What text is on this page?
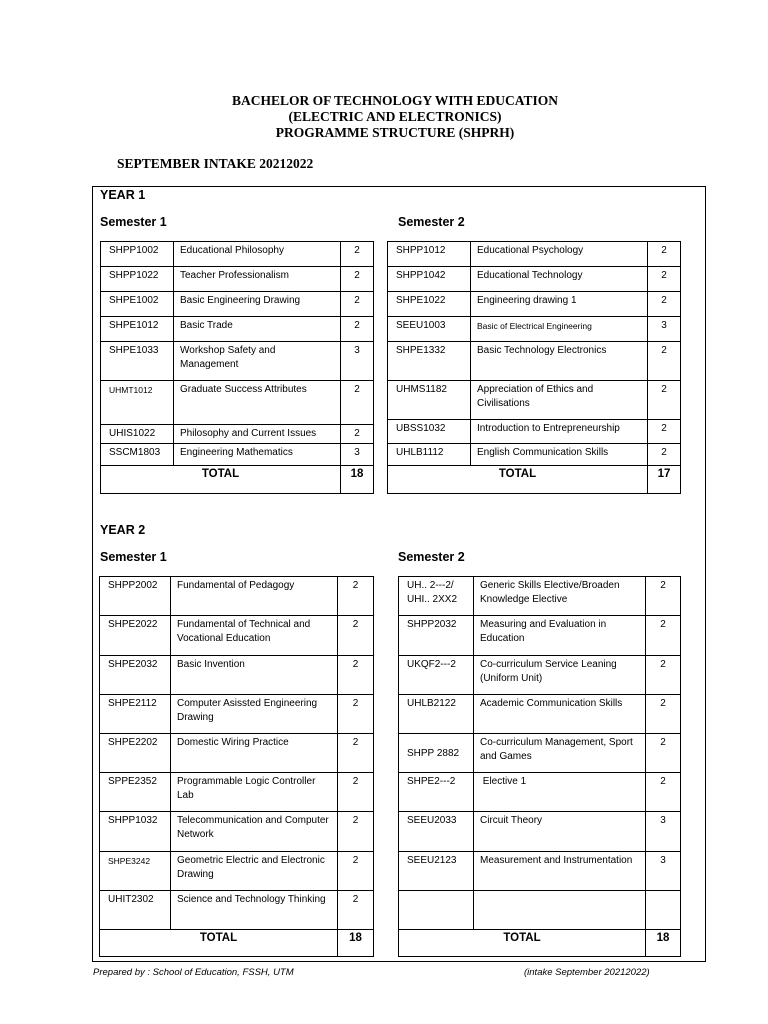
BACHELOR OF TECHNOLOGY WITH EDUCATION
(ELECTRIC AND ELECTRONICS)
PROGRAMME STRUCTURE (SHPRH)
SEPTEMBER INTAKE 20212022
YEAR 1
Semester 1	Semester 2
SHPP1002	Educational Philosophy	2
SHPP1022	Teacher Professionalism	2
SHPE1002	Basic Engineering Drawing	2
SHPE1012	Basic Trade	2
SHPE1033	Workshop Safety and Management	3
UHMT1012	Graduate Success Attributes	2
UHIS1022	Philosophy and Current Issues	2
SSCM1803	Engineering Mathematics	3
TOTAL		18
SHPP1012	Educational Psychology	2
SHPP1042	Educational Technology	2
SHPE1022	Engineering drawing 1	2
SEEU1003	Basic of Electrical Engineering	3
SHPE1332	Basic Technology Electronics	2
UHMS1182	Appreciation of Ethics and Civilisations	2
UBSS1032	Introduction to Entrepreneurship	2
UHLB1112	English Communication Skills	2
TOTAL		17
YEAR 2
Semester 1	Semester 2
SHPP2002	Fundamental of Pedagogy	2
SHPE2022	Fundamental of Technical and Vocational Education	2
SHPE2032	Basic Invention	2
SHPE2112	Computer Asissted Engineering Drawing	2
SHPE2202	Domestic Wiring Practice	2
SPPE2352	Programmable Logic Controller Lab	2
SHPP1032	Telecommunication and Computer Network	2
SHPE3242	Geometric Electric and Electronic Drawing	2
UHIT2302	Science and Technology Thinking	2
TOTAL		18
UH.. 2---2/ UHI.. 2XX2	Generic Skills Elective/Broaden Knowledge Elective	2
SHPP2032	Measuring and Evaluation in Education	2
UKQF2---2	Co-curriculum Service Leaning (Uniform Unit)	2
UHLB2122	Academic Communication Skills	2
SHPP 2882	Co-curriculum Management, Sport and Games	2
SHPE2---2	Elective 1	2
SEEU2033	Circuit Theory	3
SEEU2123	Measurement and Instrumentation	3

TOTAL		18
Prepared by : School of Education, FSSH, UTM	(intake September 20212022)
